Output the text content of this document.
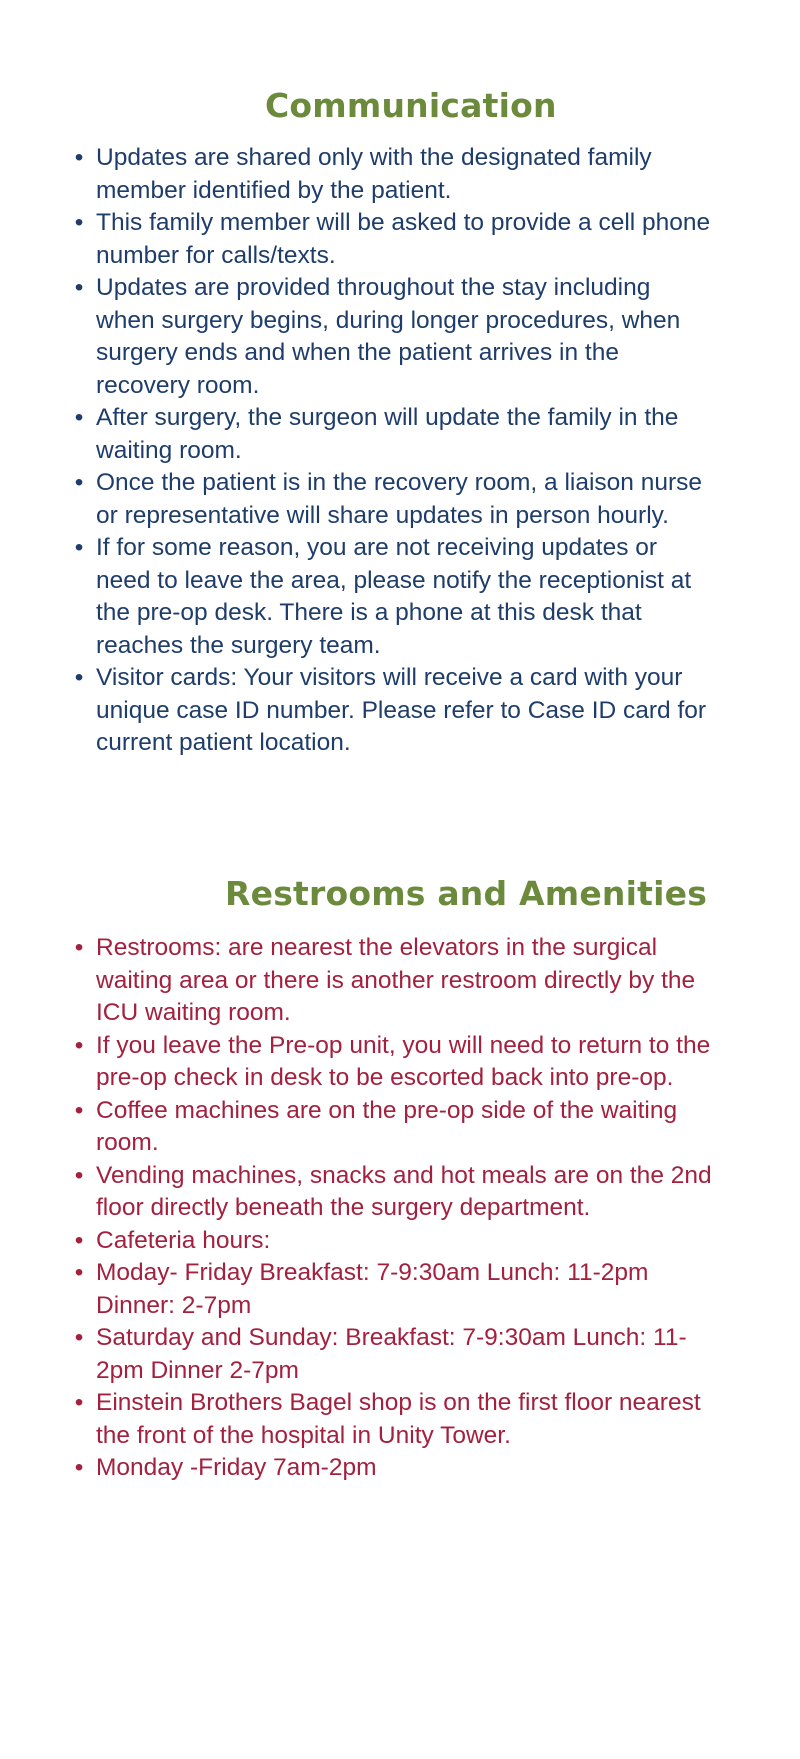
Communication
• Updates are shared only with the designated family member identified by the patient.
• This family member will be asked to provide a cell phone number for calls/texts.
• Updates are provided throughout the stay including when surgery begins, during longer procedures, when surgery ends and when the patient arrives in the recovery room.
• After surgery, the surgeon will update the family in the waiting room.
• Once the patient is in the recovery room, a liaison nurse or representative will share updates in person hourly.
• If for some reason, you are not receiving updates or need to leave the area, please notify the receptionist at the pre-op desk. There is a phone at this desk that reaches the surgery team.
• Visitor cards: Your visitors will receive a card with your unique case ID number. Please refer to Case ID card for current patient location.
Restrooms and Amenities
• Restrooms: are nearest the elevators in the surgical waiting area or there is another restroom directly by the ICU waiting room.
• If you leave the Pre-op unit, you will need to return to the pre-op check in desk to be escorted back into pre-op.
• Coffee machines are on the pre-op side of the waiting room.
• Vending machines, snacks and hot meals are on the 2nd floor directly beneath the surgery department.
• Cafeteria hours:
• Moday- Friday Breakfast: 7-9:30am Lunch: 11-2pm Dinner: 2-7pm
• Saturday and Sunday: Breakfast: 7-9:30am Lunch: 11-2pm Dinner 2-7pm
• Einstein Brothers Bagel shop is on the first floor nearest the front of the hospital in Unity Tower.
• Monday -Friday 7am-2pm
